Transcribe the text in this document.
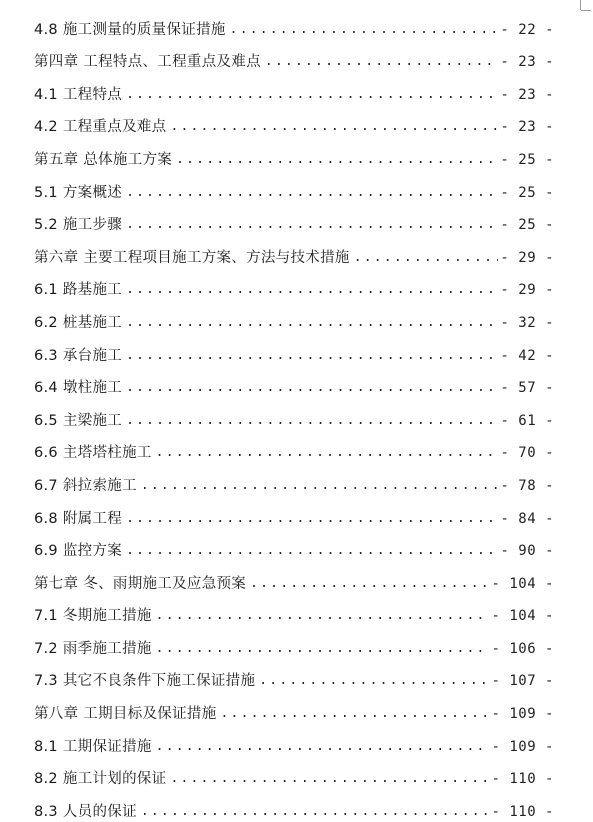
4.8 施工测量的质量保证措施 .....	- 22 -
第四章 工程特点、工程重点及难点 .....	- 23 -
4.1 工程特点 .....	- 23 -
4.2 工程重点及难点 .....	- 23 -
第五章 总体施工方案 .....	- 25 -
5.1 方案概述 .....	- 25 -
5.2 施工步骤 .....	- 25 -
第六章 主要工程项目施工方案、方法与技术措施 .....	- 29 -
6.1 路基施工 .....	- 29 -
6.2 桩基施工 .....	- 32 -
6.3 承台施工 .....	- 42 -
6.4 墩柱施工 .....	- 57 -
6.5 主梁施工 .....	- 61 -
6.6 主塔塔柱施工 .....	- 70 -
6.7 斜拉索施工 .....	- 78 -
6.8 附属工程 .....	- 84 -
6.9 监控方案 .....	- 90 -
第七章 冬、雨期施工及应急预案 .....	- 104 -
7.1 冬期施工措施 .....	- 104 -
7.2 雨季施工措施 .....	- 106 -
7.3 其它不良条件下施工保证措施 .....	- 107 -
第八章 工期目标及保证措施 .....	- 109 -
8.1 工期保证措施 .....	- 109 -
8.2 施工计划的保证 .....	- 110 -
8.3 人员的保证 .....	- 110 -
